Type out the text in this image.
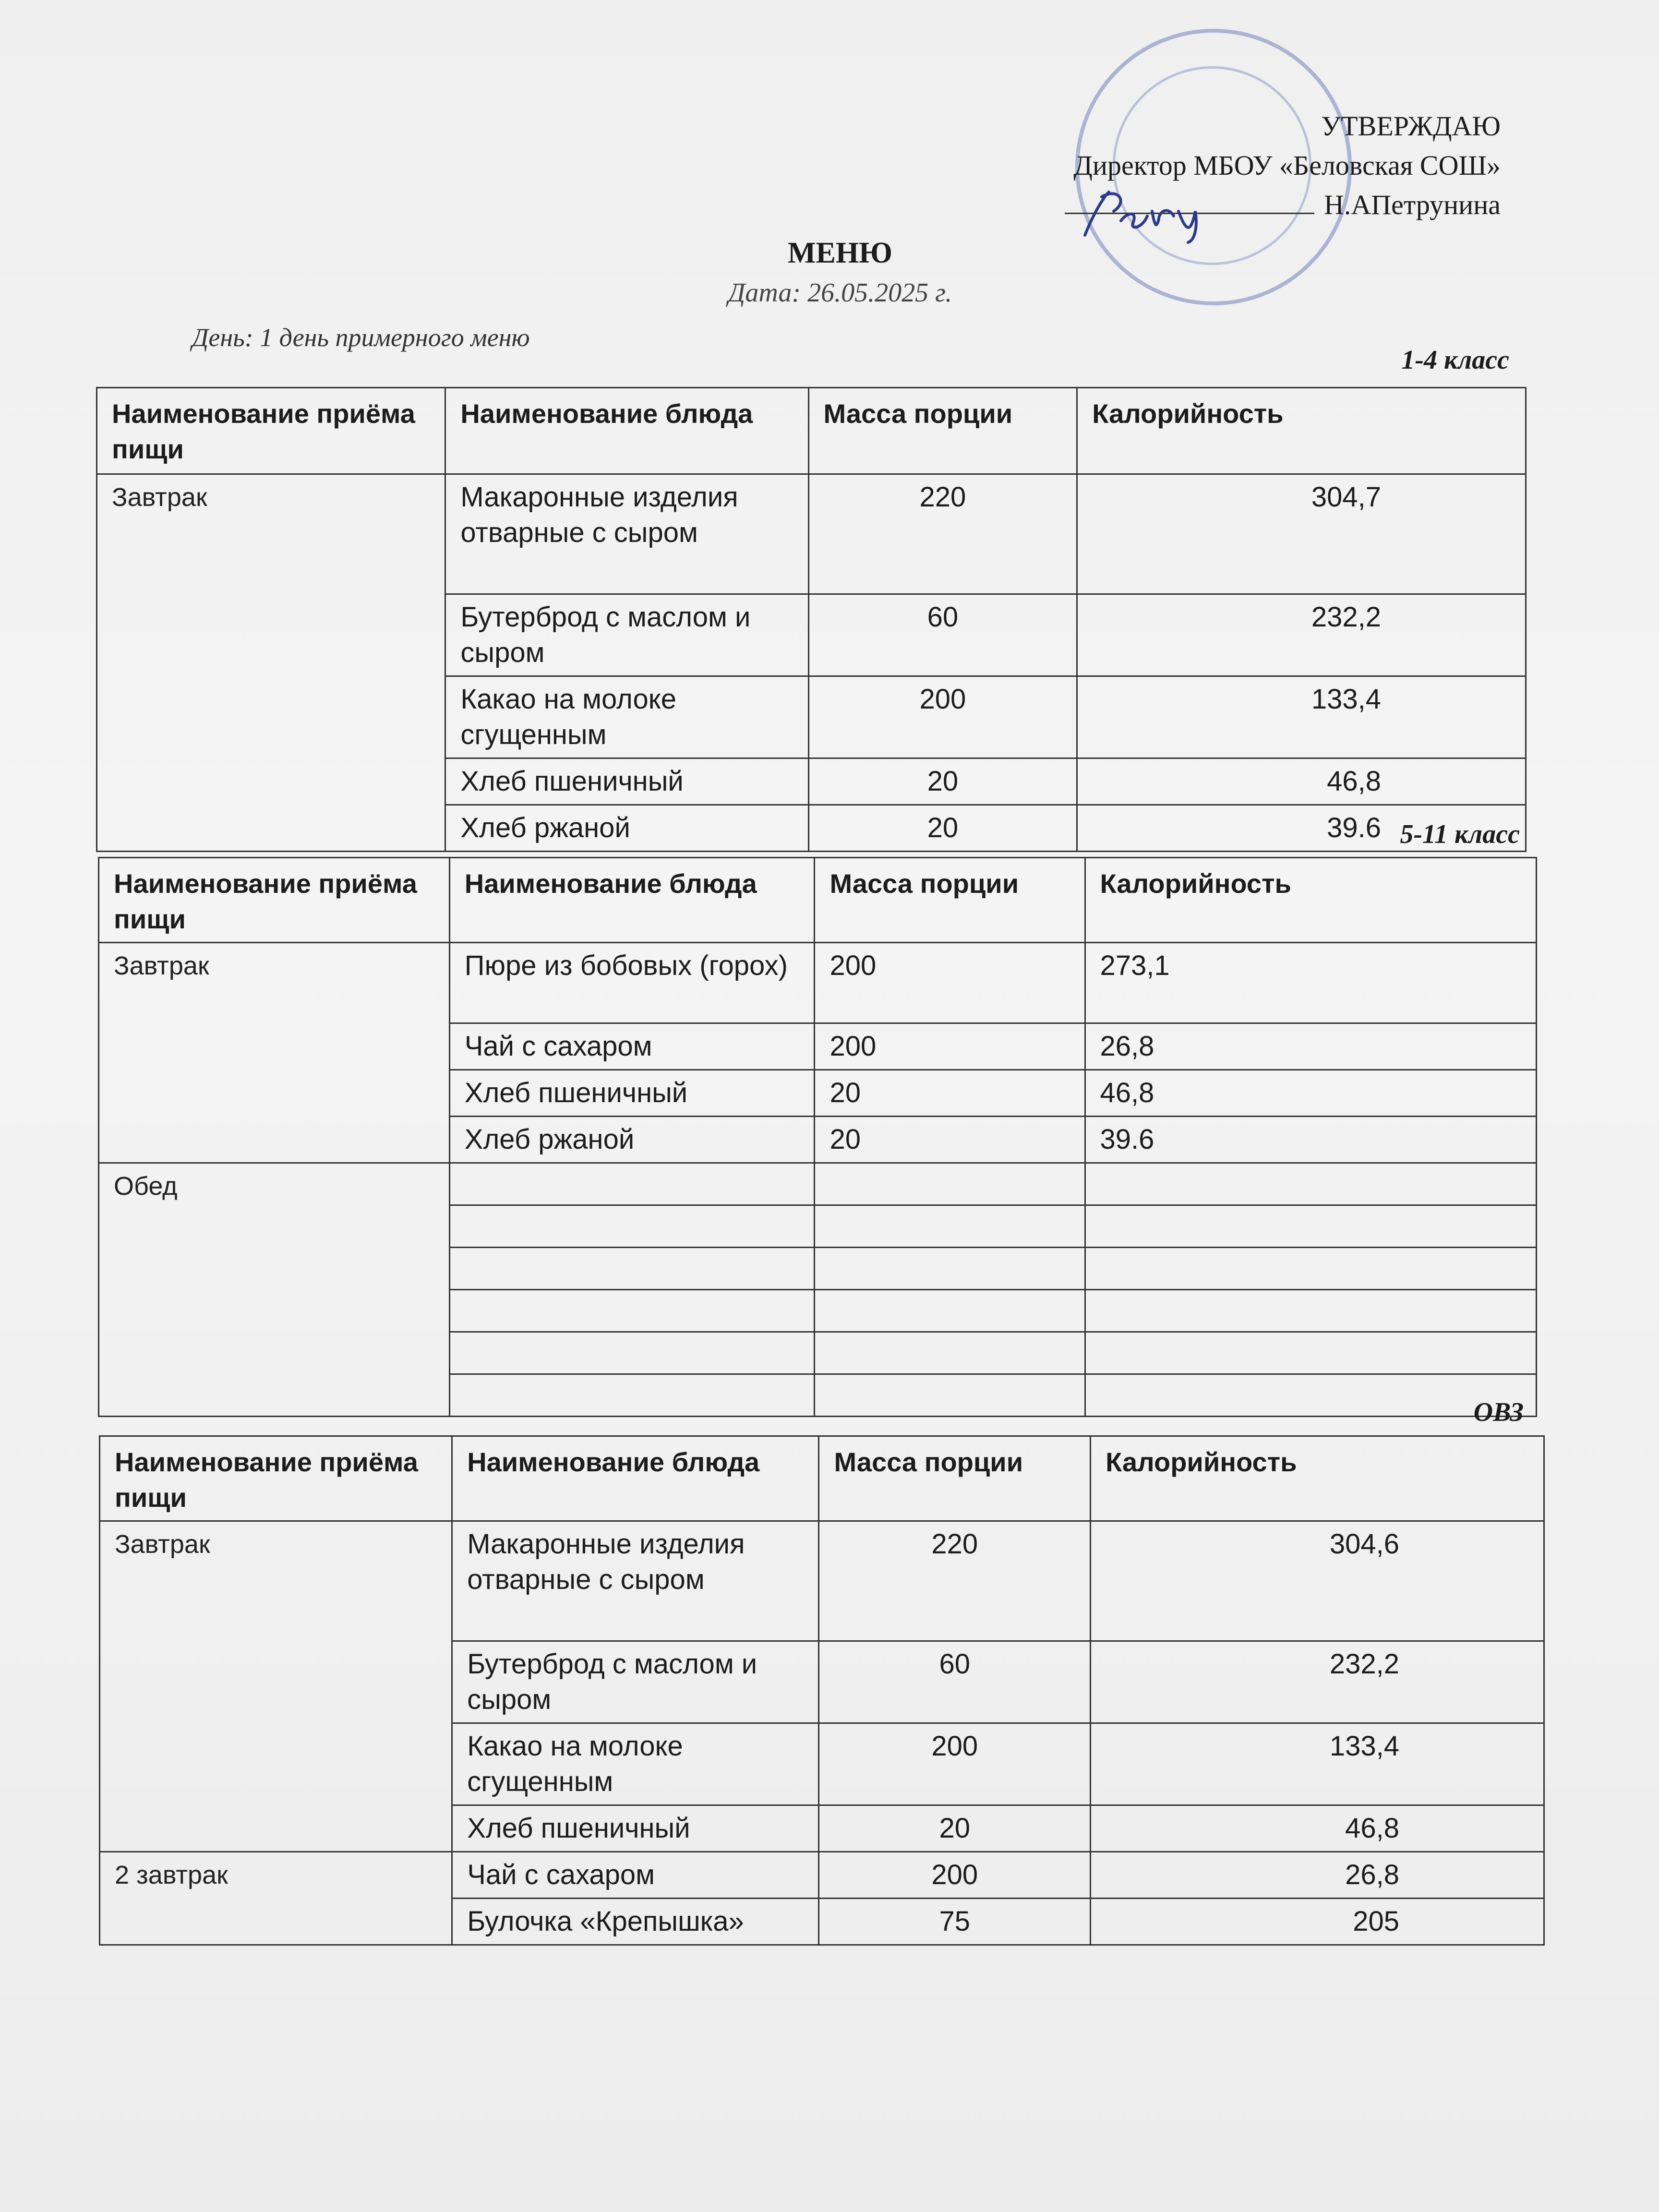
УТВЕРЖДАЮ
Директор МБОУ «Беловская СОШ»
Н.АПетрунина
МЕНЮ
Дата: 26.05.2025 г.
День: 1 день примерного меню
1-4 класс
Наименование приёма пищи	Наименование блюда	Масса порции	Калорийность
Завтрак	Макаронные изделия отварные с сыром	220	304,7
	Бутерброд с маслом и сыром	60	232,2
	Какао на молоке сгущенным	200	133,4
	Хлеб пшеничный	20	46,8
	Хлеб ржаной	20	39.6 5-11 класс
Наименование приёма пищи	Наименование блюда	Масса порции	Калорийность
Завтрак	Пюре из бобовых (горох)	200	273,1
	Чай с сахаром	200	26,8
	Хлеб пшеничный	20	46,8
	Хлеб ржаной	20	39.6
Обед			

ОВЗ
Наименование приёма пищи	Наименование блюда	Масса порции	Калорийность
Завтрак	Макаронные изделия отварные с сыром	220	304,6
	Бутерброд с маслом и сыром	60	232,2
	Какао на молоке сгущенным	200	133,4
	Хлеб пшеничный	20	46,8
2 завтрак	Чай с сахаром	200	26,8
	Булочка «Крепышка»	75	205
